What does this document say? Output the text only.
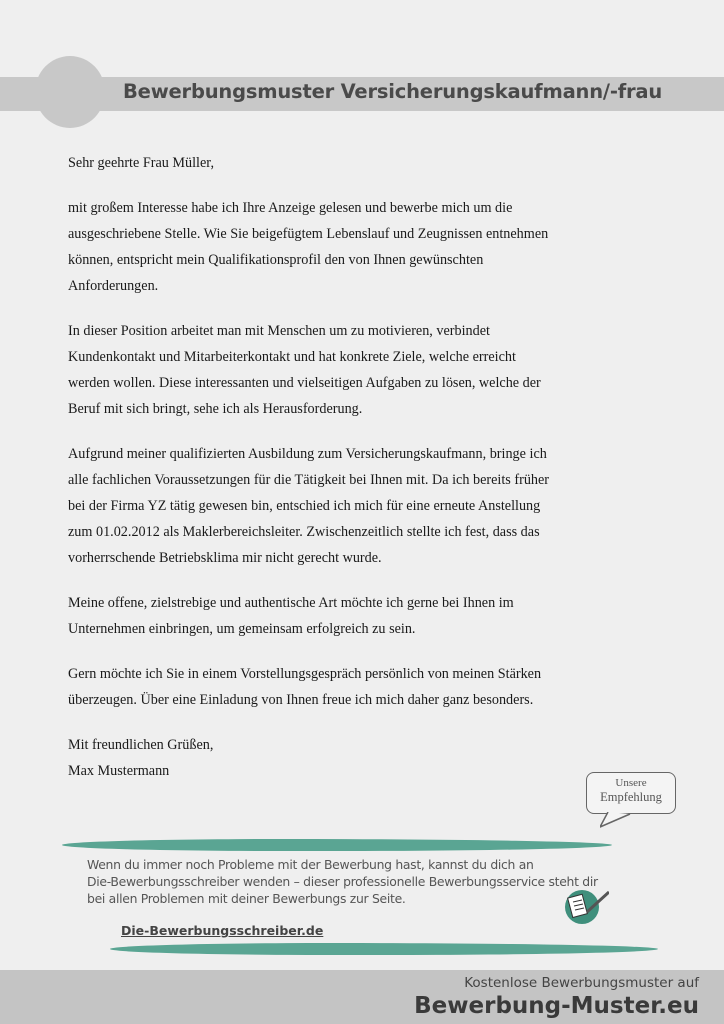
Bewerbungsmuster Versicherungskaufmann/-frau

Sehr geehrte Frau Müller,

mit großem Interesse habe ich Ihre Anzeige gelesen und bewerbe mich um die
ausgeschriebene Stelle. Wie Sie beigefügtem Lebenslauf und Zeugnissen entnehmen
können, entspricht mein Qualifikationsprofil den von Ihnen gewünschten
Anforderungen.

In dieser Position arbeitet man mit Menschen um zu motivieren, verbindet
Kundenkontakt und Mitarbeiterkontakt und hat konkrete Ziele, welche erreicht
werden wollen. Diese interessanten und vielseitigen Aufgaben zu lösen, welche der
Beruf mit sich bringt, sehe ich als Herausforderung.

Aufgrund meiner qualifizierten Ausbildung zum Versicherungskaufmann, bringe ich
alle fachlichen Voraussetzungen für die Tätigkeit bei Ihnen mit. Da ich bereits früher
bei der Firma YZ tätig gewesen bin, entschied ich mich für eine erneute Anstellung
zum 01.02.2012 als Maklerbereichsleiter. Zwischenzeitlich stellte ich fest, dass das
vorherrschende Betriebsklima mir nicht gerecht wurde.

Meine offene, zielstrebige und authentische Art möchte ich gerne bei Ihnen im
Unternehmen einbringen, um gemeinsam erfolgreich zu sein.

Gern möchte ich Sie in einem Vorstellungsgespräch persönlich von meinen Stärken
überzeugen. Über eine Einladung von Ihnen freue ich mich daher ganz besonders.

Mit freundlichen Grüßen,

Max Mustermann

Unsere
Empfehlung
Wenn du immer noch Probleme mit der Bewerbung hast, kannst du dich an
Die-Bewerbungsschreiber wenden – dieser professionelle Bewerbungsservice steht dir
bei allen Problemen mit deiner Bewerbungs zur Seite.
Die-Bewerbungsschreiber.de
Kostenlose Bewerbungsmuster auf
Bewerbung-Muster.eu
